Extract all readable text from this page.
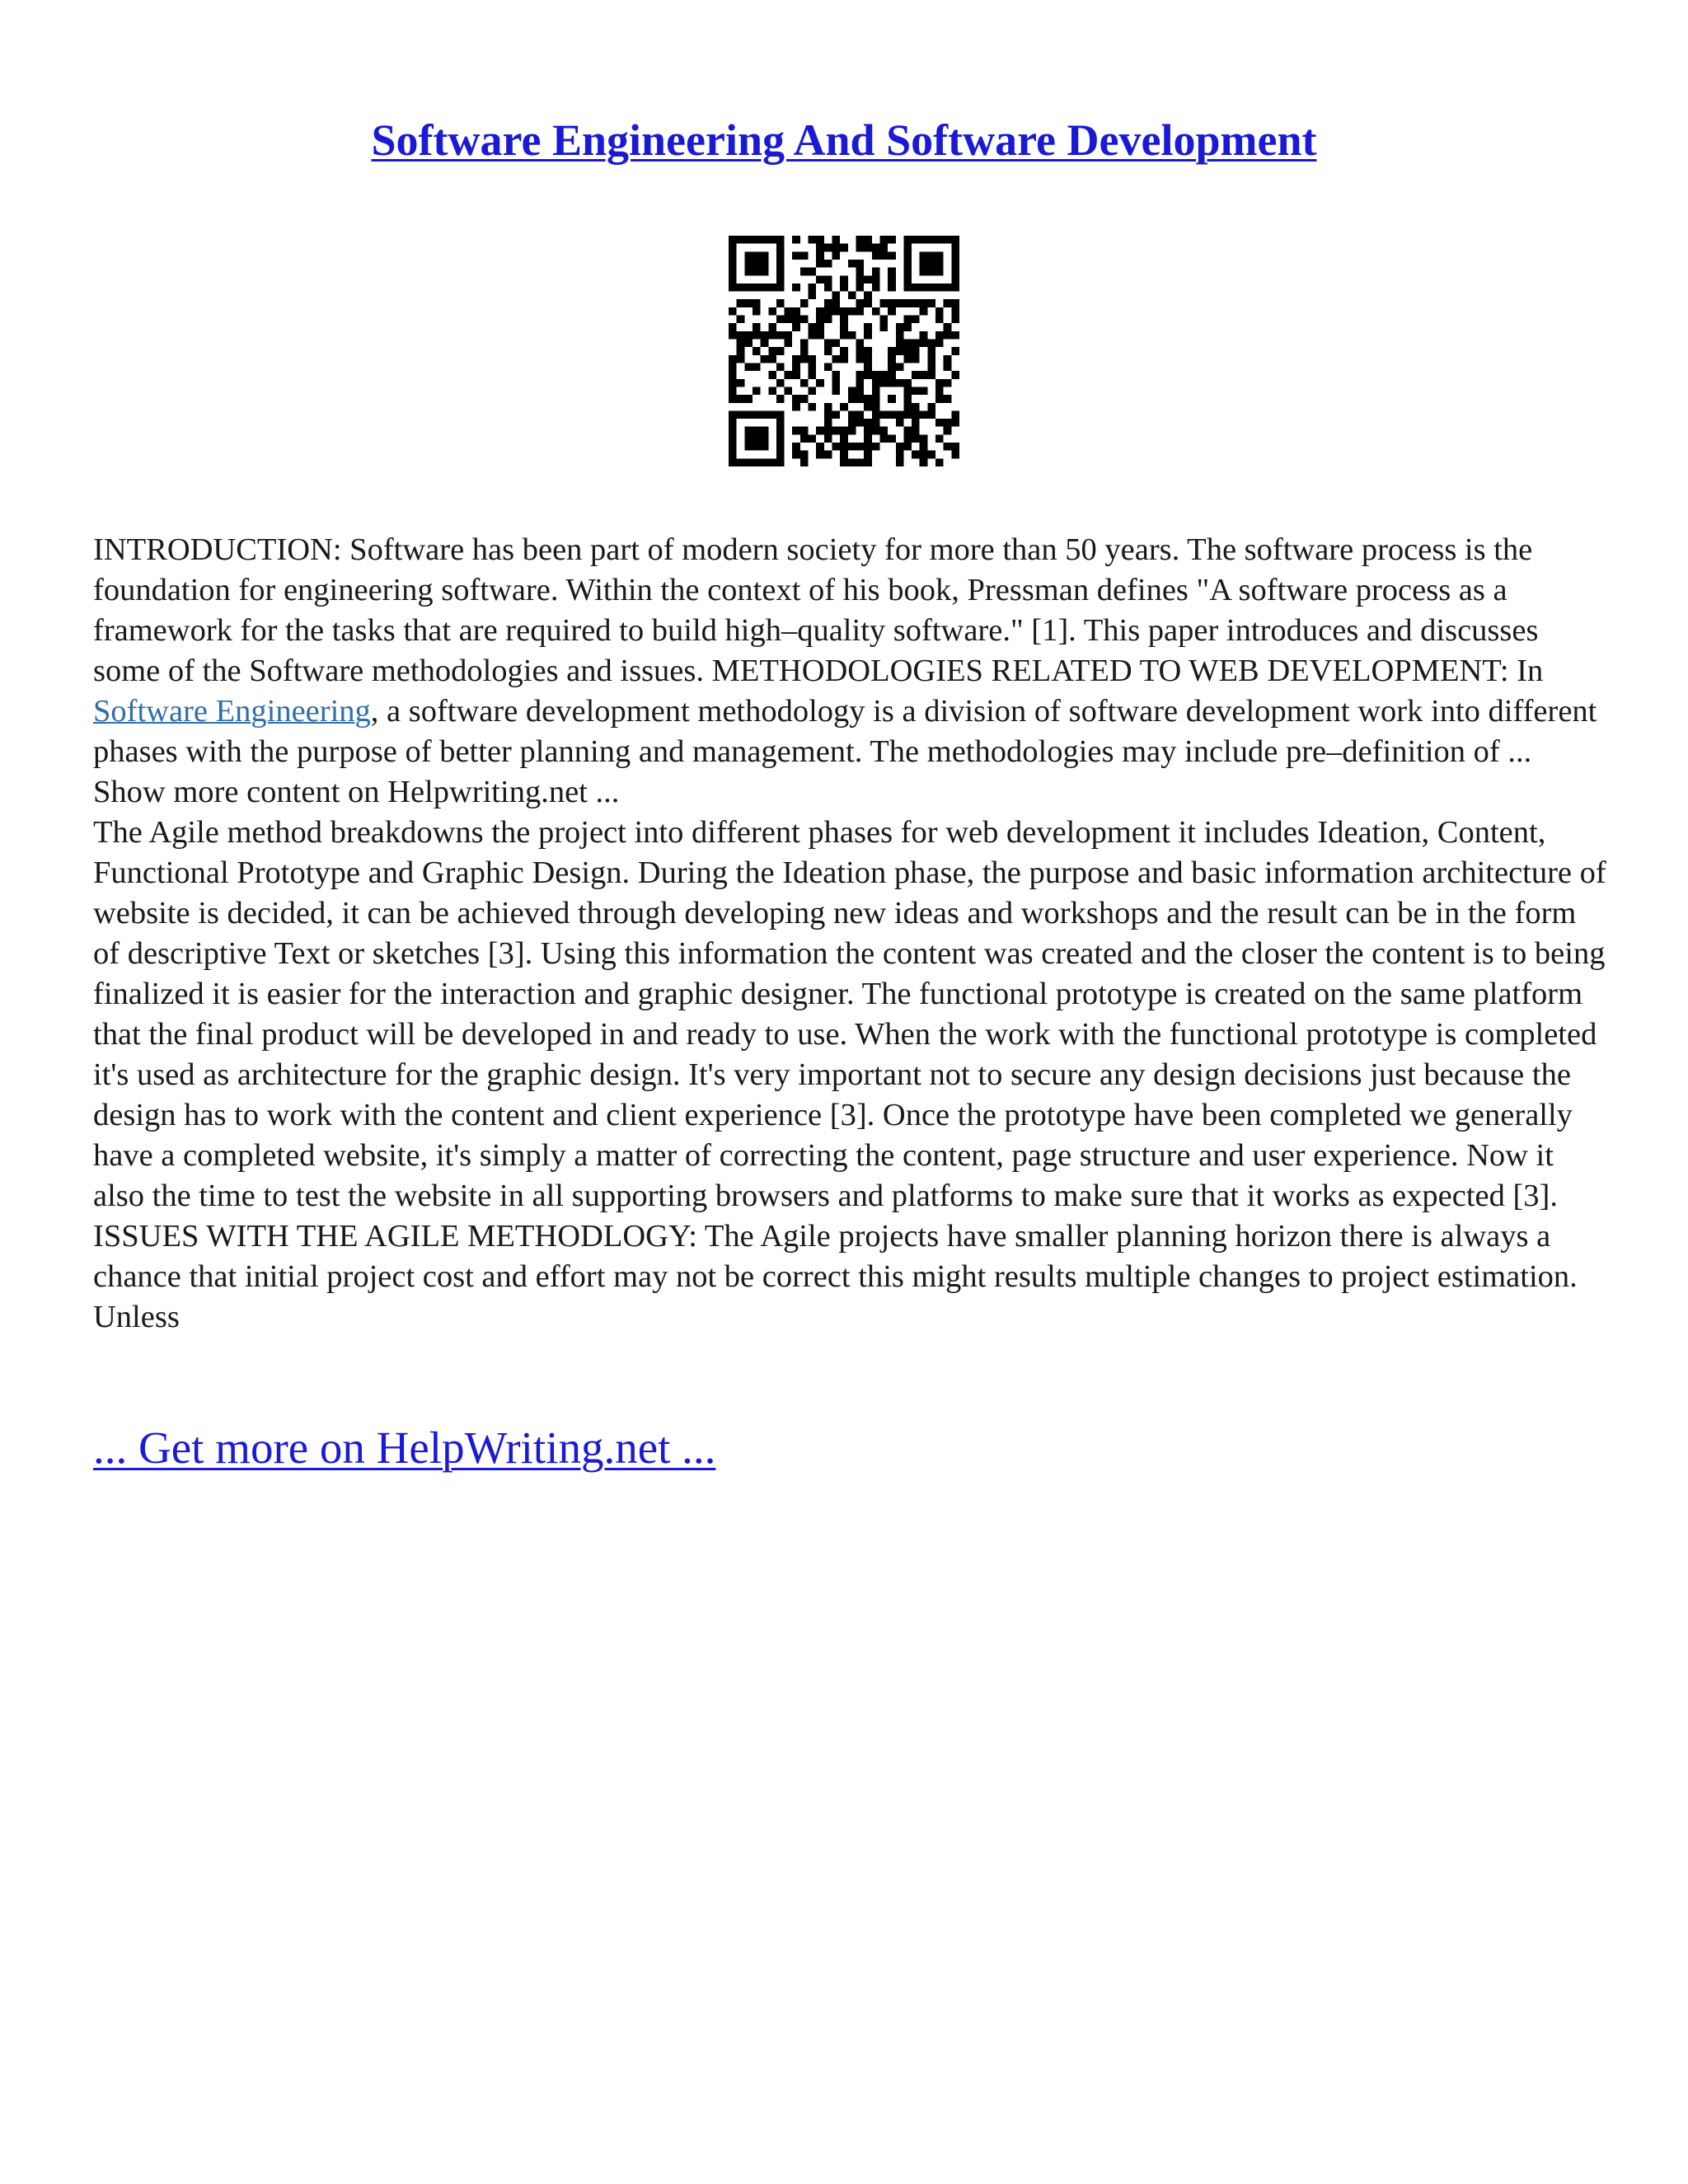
Software Engineering And Software Development

INTRODUCTION: Software has been part of modern society for more than 50 years. The software process is the foundation for engineering software. Within the context of his book, Pressman defines "A software process as a framework for the tasks that are required to build high–quality software." [1]. This paper introduces and discusses some of the Software methodologies and issues. METHODOLOGIES RELATED TO WEB DEVELOPMENT: In Software Engineering, a software development methodology is a division of software development work into different phases with the purpose of better planning and management. The methodologies may include pre–definition of ... Show more content on Helpwriting.net ...

The Agile method breakdowns the project into different phases for web development it includes Ideation, Content, Functional Prototype and Graphic Design. During the Ideation phase, the purpose and basic information architecture of website is decided, it can be achieved through developing new ideas and workshops and the result can be in the form of descriptive Text or sketches [3]. Using this information the content was created and the closer the content is to being finalized it is easier for the interaction and graphic designer. The functional prototype is created on the same platform that the final product will be developed in and ready to use. When the work with the functional prototype is completed it's used as architecture for the graphic design. It's very important not to secure any design decisions just because the design has to work with the content and client experience [3]. Once the prototype have been completed we generally have a completed website, it's simply a matter of correcting the content, page structure and user experience. Now it also the time to test the website in all supporting browsers and platforms to make sure that it works as expected [3]. ISSUES WITH THE AGILE METHODLOGY: The Agile projects have smaller planning horizon there is always a chance that initial project cost and effort may not be correct this might results multiple changes to project estimation. Unless

... Get more on HelpWriting.net ...
